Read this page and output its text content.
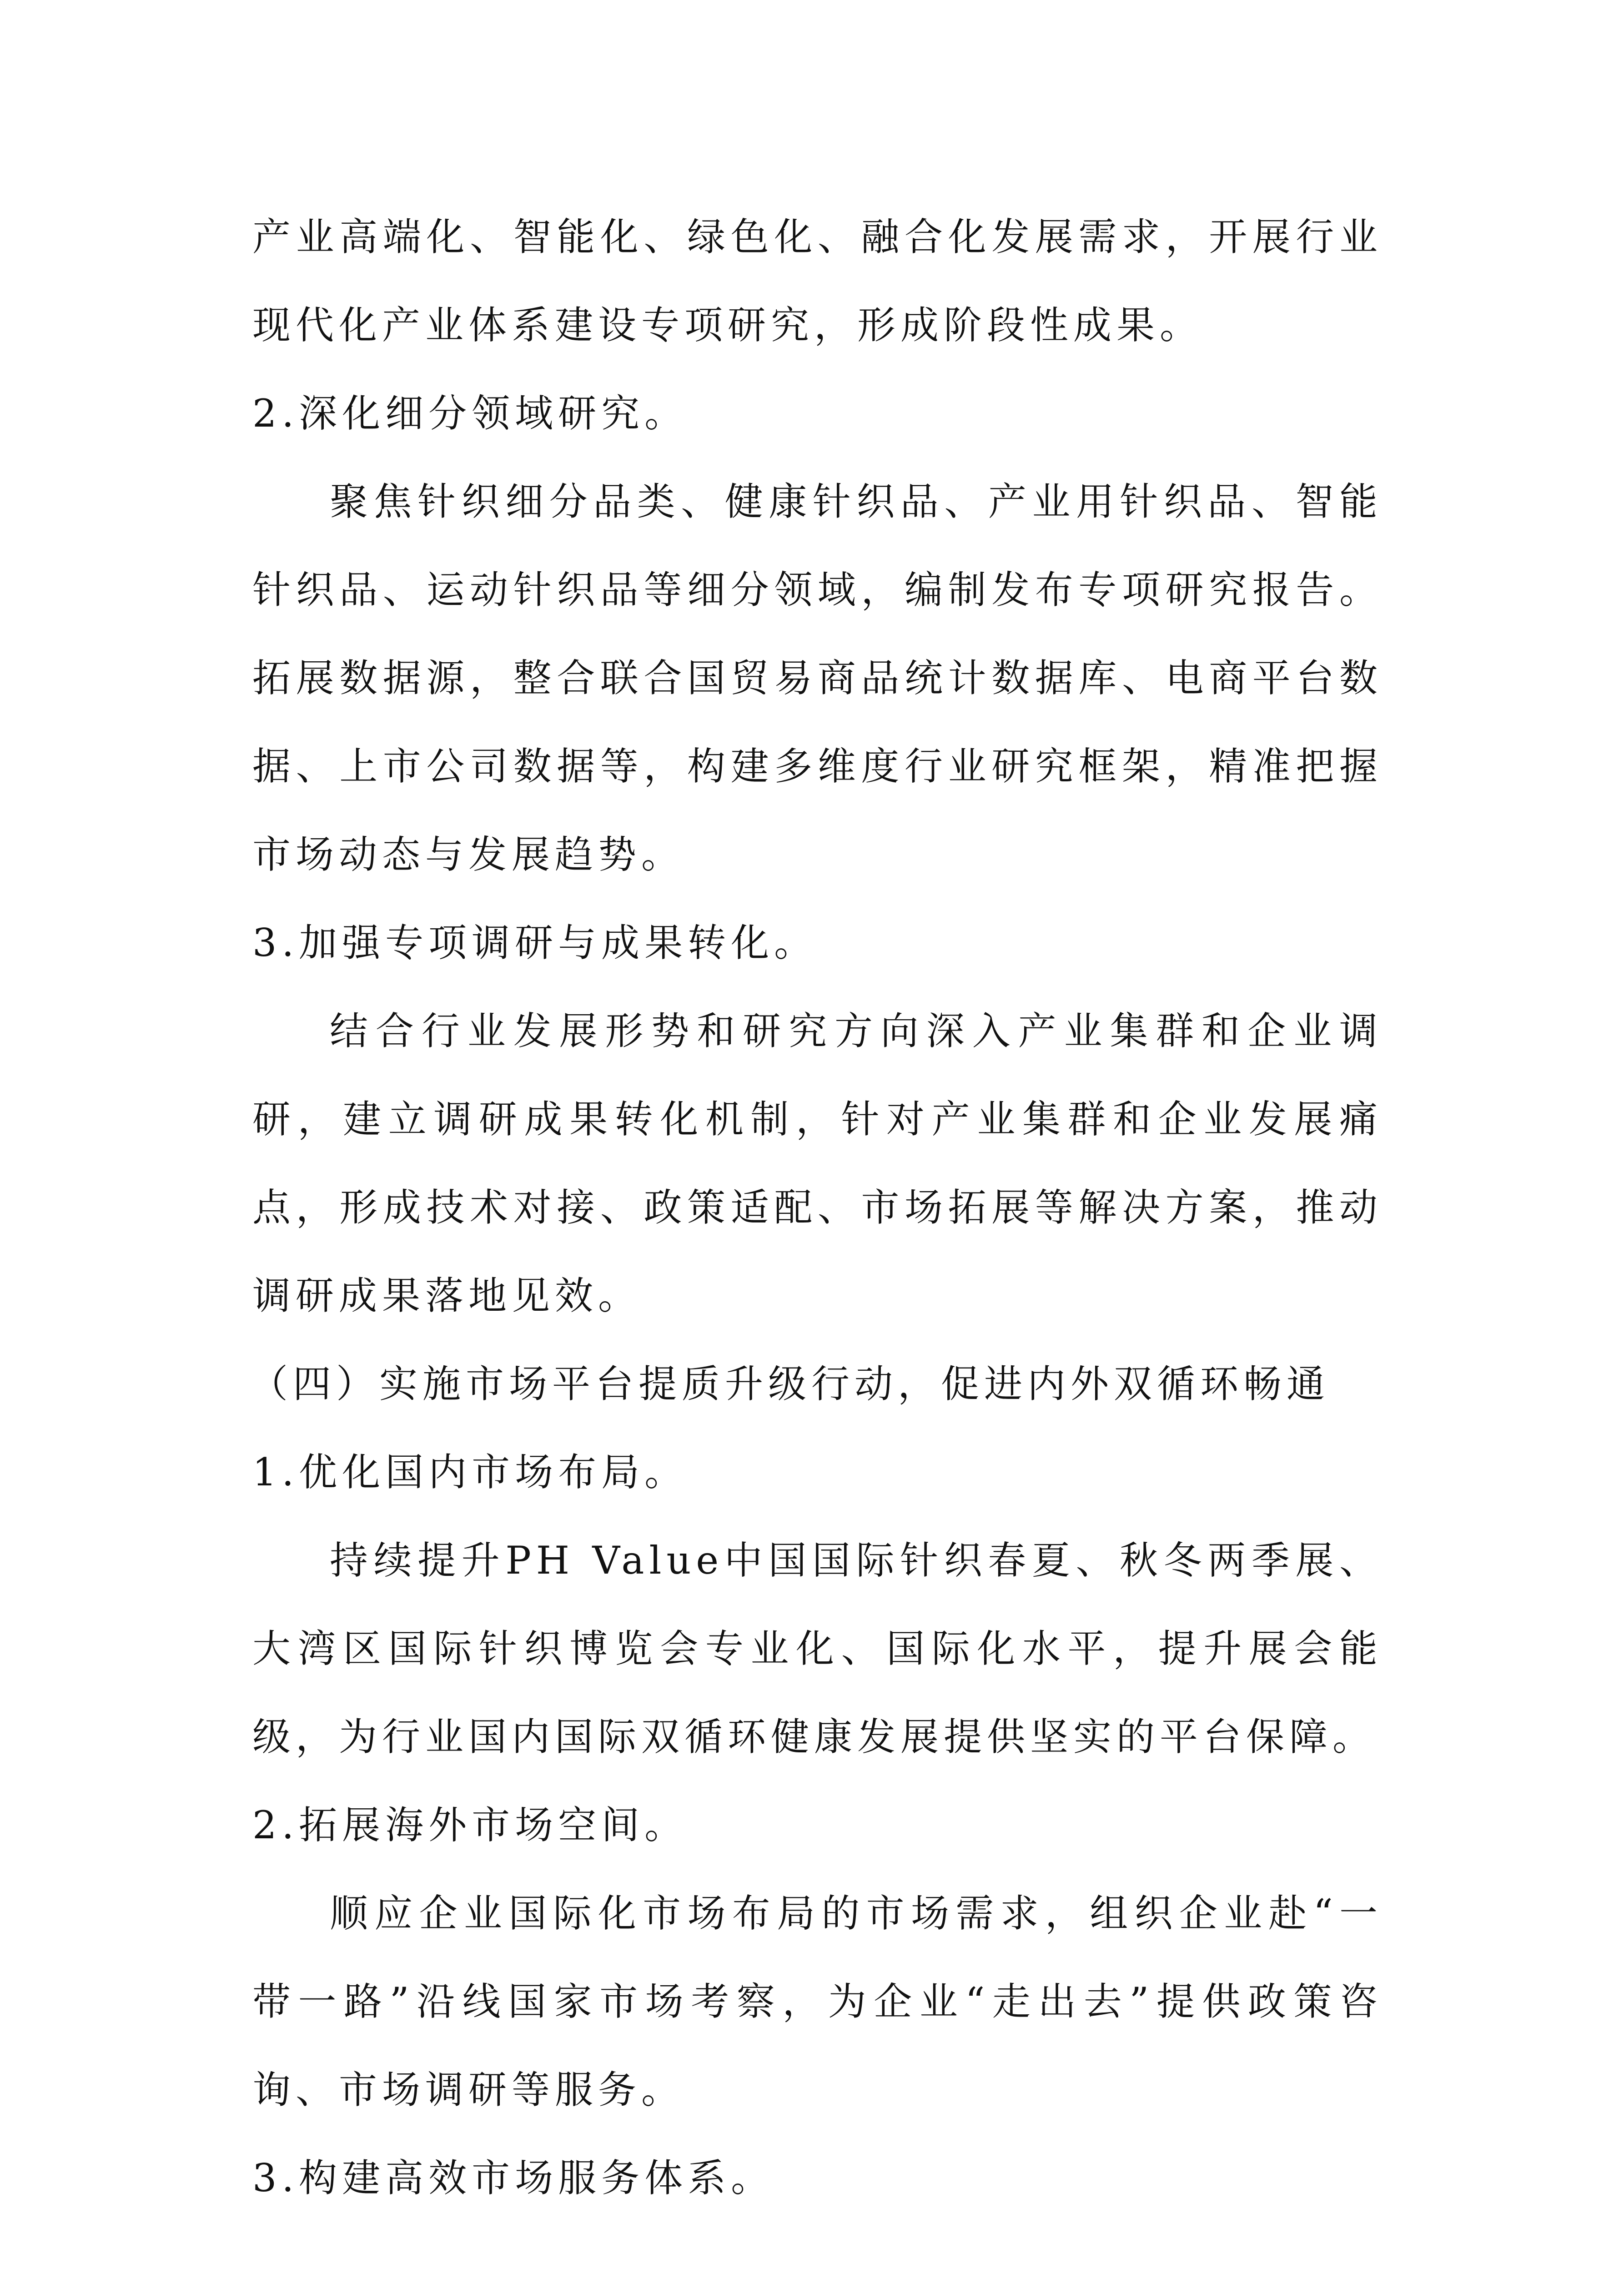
产业高端化、智能化、绿色化、融合化发展需求，开展行业现代化产业体系建设专项研究，形成阶段性成果。

2.深化细分领域研究。

聚焦针织细分品类、健康针织品、产业用针织品、智能针织品、运动针织品等细分领域，编制发布专项研究报告。拓展数据源，整合联合国贸易商品统计数据库、电商平台数据、上市公司数据等，构建多维度行业研究框架，精准把握市场动态与发展趋势。

3.加强专项调研与成果转化。

结合行业发展形势和研究方向深入产业集群和企业调研，建立调研成果转化机制，针对产业集群和企业发展痛点，形成技术对接、政策适配、市场拓展等解决方案，推动调研成果落地见效。

（四）实施市场平台提质升级行动，促进内外双循环畅通
1.优化国内市场布局。

持续提升PH Value中国国际针织春夏、秋冬两季展、大湾区国际针织博览会专业化、国际化水平，提升展会能级，为行业国内国际双循环健康发展提供坚实的平台保障。

2.拓展海外市场空间。

顺应企业国际化市场布局的市场需求，组织企业赴“一带一路”沿线国家市场考察，为企业“走出去”提供政策咨询、市场调研等服务。

3.构建高效市场服务体系。
